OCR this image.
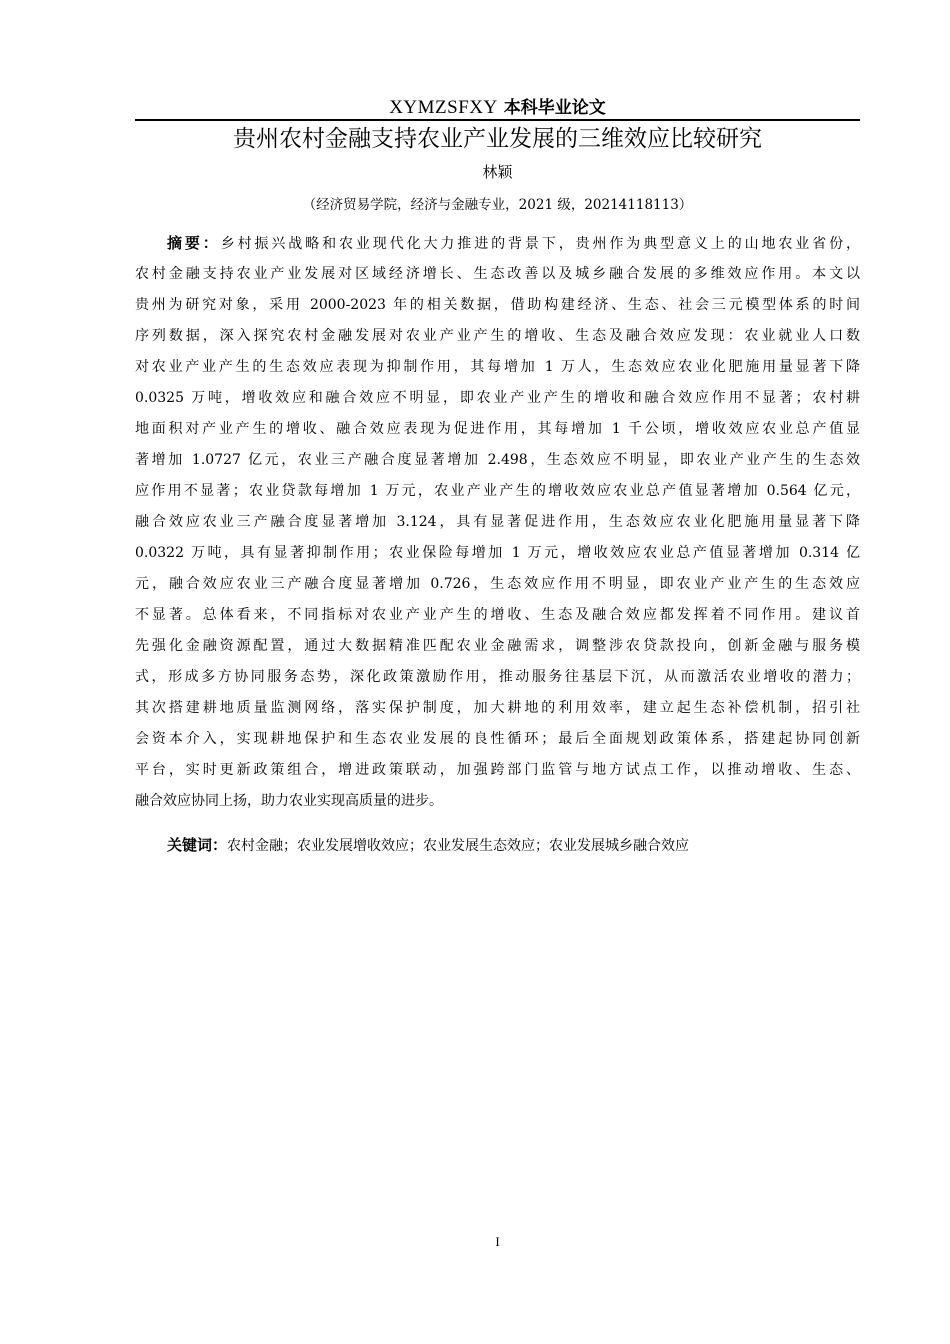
XYMZSFXY 本科毕业论文
贵州农村金融支持农业产业发展的三维效应比较研究
林颖
（经济贸易学院，经济与金融专业，2021 级，20214118113）
摘要：乡村振兴战略和农业现代化大力推进的背景下，贵州作为典型意义上的山地农业省份，
农村金融支持农业产业发展对区域经济增长、生态改善以及城乡融合发展的多维效应作用。本文以
贵州为研究对象，采用 2000-2023 年的相关数据，借助构建经济、生态、社会三元模型体系的时间
序列数据，深入探究农村金融发展对农业产业产生的增收、生态及融合效应发现：农业就业人口数
对农业产业产生的生态效应表现为抑制作用，其每增加 1 万人，生态效应农业化肥施用量显著下降
0.0325 万吨，增收效应和融合效应不明显，即农业产业产生的增收和融合效应作用不显著；农村耕
地面积对产业产生的增收、融合效应表现为促进作用，其每增加 1 千公顷，增收效应农业总产值显
著增加 1.0727 亿元，农业三产融合度显著增加 2.498，生态效应不明显，即农业产业产生的生态效
应作用不显著；农业贷款每增加 1 万元，农业产业产生的增收效应农业总产值显著增加 0.564 亿元，
融合效应农业三产融合度显著增加 3.124，具有显著促进作用，生态效应农业化肥施用量显著下降
0.0322 万吨，具有显著抑制作用；农业保险每增加 1 万元，增收效应农业总产值显著增加 0.314 亿
元，融合效应农业三产融合度显著增加 0.726，生态效应作用不明显，即农业产业产生的生态效应
不显著。总体看来，不同指标对农业产业产生的增收、生态及融合效应都发挥着不同作用。建议首
先强化金融资源配置，通过大数据精准匹配农业金融需求，调整涉农贷款投向，创新金融与服务模
式，形成多方协同服务态势，深化政策激励作用，推动服务往基层下沉，从而激活农业增收的潜力；
其次搭建耕地质量监测网络，落实保护制度，加大耕地的利用效率，建立起生态补偿机制，招引社
会资本介入，实现耕地保护和生态农业发展的良性循环；最后全面规划政策体系，搭建起协同创新
平台，实时更新政策组合，增进政策联动，加强跨部门监管与地方试点工作，以推动增收、生态、
融合效应协同上扬，助力农业实现高质量的进步。
关键词：农村金融；农业发展增收效应；农业发展生态效应；农业发展城乡融合效应
I
